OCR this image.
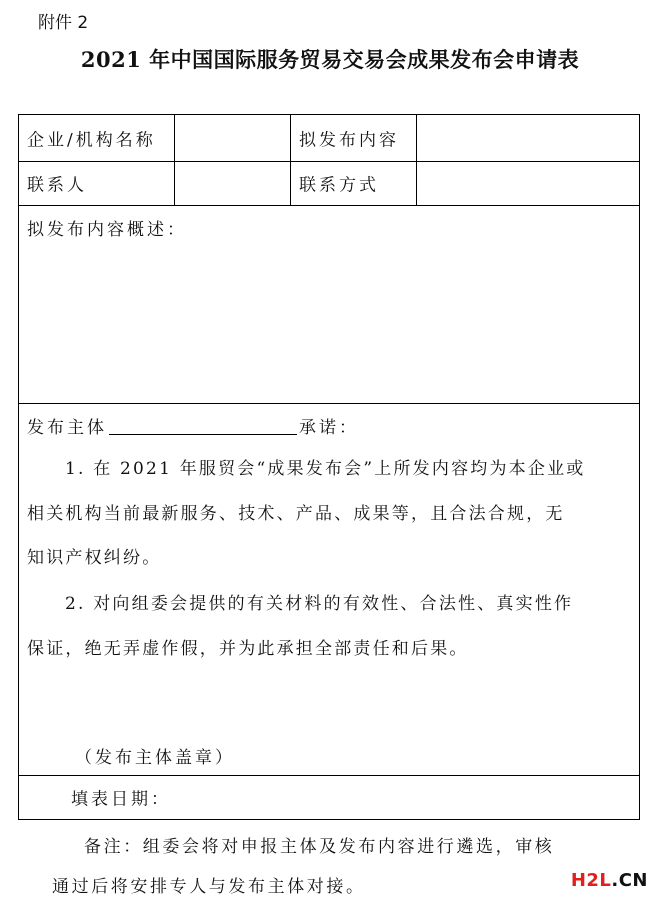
附件 2
2021 年中国国际服务贸易交易会成果发布会申请表
企业/机构名称	拟发布内容
联系人	联系方式
拟发布内容概述：
发布主体	承诺：
1. 在 2021 年服贸会“成果发布会”上所发内容均为本企业或
相关机构当前最新服务、技术、产品、成果等，且合法合规，无
知识产权纠纷。
2. 对向组委会提供的有关材料的有效性、合法性、真实性作
保证，绝无弄虚作假，并为此承担全部责任和后果。
（发布主体盖章）
填表日期：
备注：组委会将对申报主体及发布内容进行遴选，审核
通过后将安排专人与发布主体对接。	H2L.CN
